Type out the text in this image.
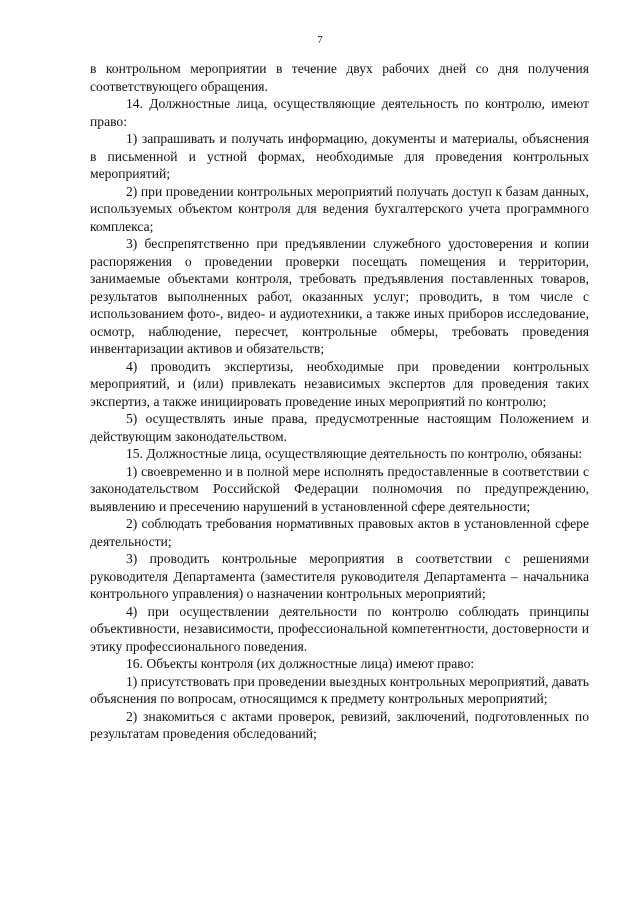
7

в контрольном мероприятии в течение двух рабочих дней со дня получения соответствующего обращения.

14. Должностные лица, осуществляющие деятельность по контролю, имеют право:

1) запрашивать и получать информацию, документы и материалы, объяснения в письменной и устной формах, необходимые для проведения контрольных мероприятий;

2) при проведении контрольных мероприятий получать доступ к базам данных, используемых объектом контроля для ведения бухгалтерского учета программного комплекса;

3) беспрепятственно при предъявлении служебного удостоверения и копии распоряжения о проведении проверки посещать помещения и территории, занимаемые объектами контроля, требовать предъявления поставленных товаров, результатов выполненных работ, оказанных услуг; проводить, в том числе с использованием фото-, видео- и аудиотехники, а также иных приборов исследование, осмотр, наблюдение, пересчет, контрольные обмеры, требовать проведения инвентаризации активов и обязательств;

4) проводить экспертизы, необходимые при проведении контрольных мероприятий, и (или) привлекать независимых экспертов для проведения таких экспертиз, а также инициировать проведение иных мероприятий по контролю;

5) осуществлять иные права, предусмотренные настоящим Положением и действующим законодательством.

15. Должностные лица, осуществляющие деятельность по контролю, обязаны:

1) своевременно и в полной мере исполнять предоставленные в соответствии с законодательством Российской Федерации полномочия по предупреждению, выявлению и пресечению нарушений в установленной сфере деятельности;

2) соблюдать требования нормативных правовых актов в установленной сфере деятельности;

3) проводить контрольные мероприятия в соответствии с решениями руководителя Департамента (заместителя руководителя Департамента – начальника контрольного управления) о назначении контрольных мероприятий;

4) при осуществлении деятельности по контролю соблюдать принципы объективности, независимости, профессиональной компетентности, достоверности и этику профессионального поведения.

16. Объекты контроля (их должностные лица) имеют право:

1) присутствовать при проведении выездных контрольных мероприятий, давать объяснения по вопросам, относящимся к предмету контрольных мероприятий;

2) знакомиться с актами проверок, ревизий, заключений, подготовленных по результатам проведения обследований;
